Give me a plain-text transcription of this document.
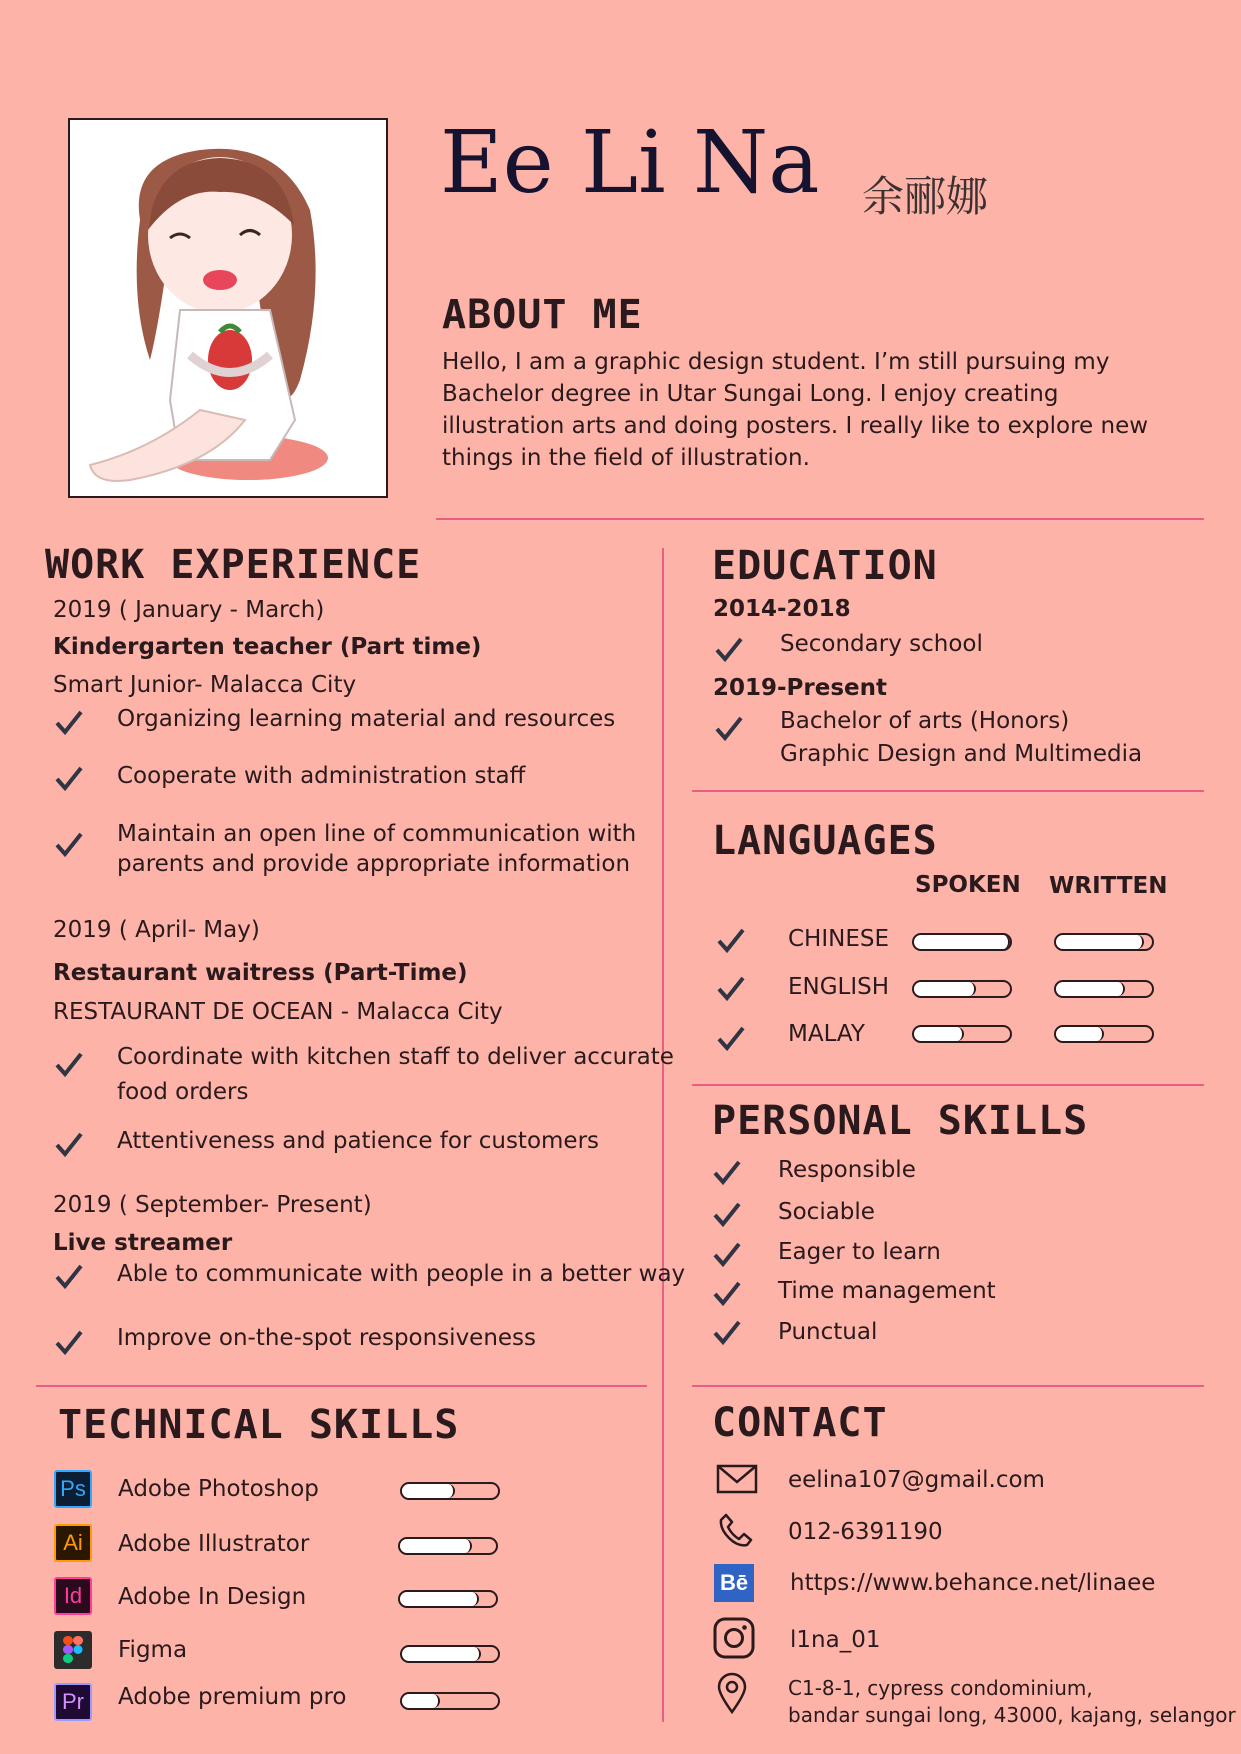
Ee Li Na 余郦娜
ABOUT ME
Hello, I am a graphic design student. I’m still pursuing my
Bachelor degree in Utar Sungai Long. I enjoy creating
illustration arts and doing posters. I really like to explore new
things in the field of illustration.
WORK EXPERIENCE
2019 ( January - March)
Kindergarten teacher (Part time)
Smart Junior- Malacca City
Organizing learning material and resources
Cooperate with administration staff
Maintain an open line of communication with
parents and provide appropriate information
2019 ( April- May)
Restaurant waitress (Part-Time)
RESTAURANT DE OCEAN - Malacca City
Coordinate with kitchen staff to deliver accurate
food orders
Attentiveness and patience for customers
2019 ( September- Present)
Live streamer
Able to communicate with people in a better way
Improve on-the-spot responsiveness
TECHNICAL SKILLS
Ps Adobe Photoshop
Ai Adobe Illustrator
Id Adobe In Design
Figma
Pr Adobe premium pro
EDUCATION
2014-2018
Secondary school
2019-Present
Bachelor of arts (Honors)
Graphic Design and Multimedia
LANGUAGES
SPOKEN WRITTEN
CHINESE
ENGLISH
MALAY
PERSONAL SKILLS
Responsible
Sociable
Eager to learn
Time management
Punctual
CONTACT
eelina107@gmail.com
012-6391190
Bē https://www.behance.net/linaee
l1na_01
C1-8-1, cypress condominium,
bandar sungai long, 43000, kajang, selangor
